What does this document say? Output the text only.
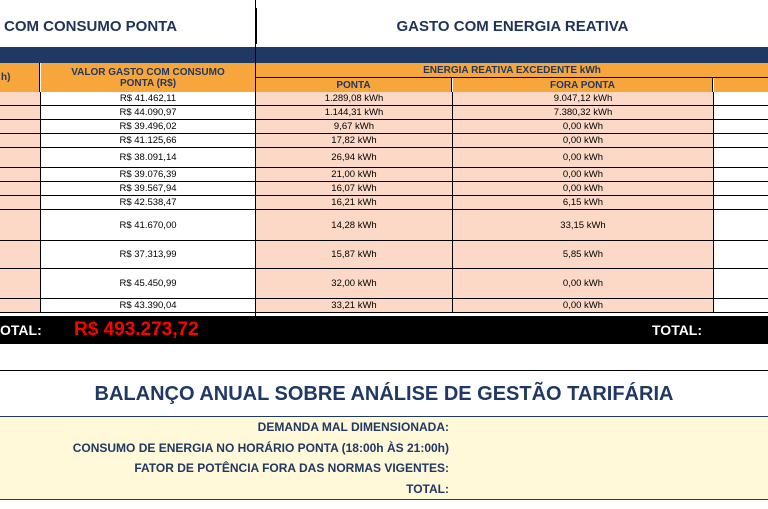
COM CONSUMO PONTA	GASTO COM ENERGIA REATIVA
h)	VALOR GASTO COM CONSUMO PONTA (R$)
ENERGIA REATIVA EXCEDENTE kWh
PONTA	FORA PONTA
R$ 41.462,11	1.289,08 kWh	9.047,12 kWh
R$ 44.090,97	1.144,31 kWh	7.380,32 kWh
R$ 39.496,02	9,67 kWh	0,00 kWh
R$ 41.125,66	17,82 kWh	0,00 kWh
R$ 38.091,14	26,94 kWh	0,00 kWh
R$ 39.076,39	21,00 kWh	0,00 kWh
R$ 39.567,94	16,07 kWh	0,00 kWh
R$ 42.538,47	16,21 kWh	6,15 kWh
R$ 41.670,00	14,28 kWh	33,15 kWh
R$ 37.313,99	15,87 kWh	5,85 kWh
R$ 45.450,99	32,00 kWh	0,00 kWh
R$ 43.390,04	33,21 kWh	0,00 kWh
OTAL: R$ 493.273,72	TOTAL:
BALANÇO ANUAL SOBRE ANÁLISE DE GESTÃO TARIFÁRIA
DEMANDA MAL DIMENSIONADA:
CONSUMO DE ENERGIA NO HORÁRIO PONTA (18:00h ÀS 21:00h)
FATOR DE POTÊNCIA FORA DAS NORMAS VIGENTES:
TOTAL:
